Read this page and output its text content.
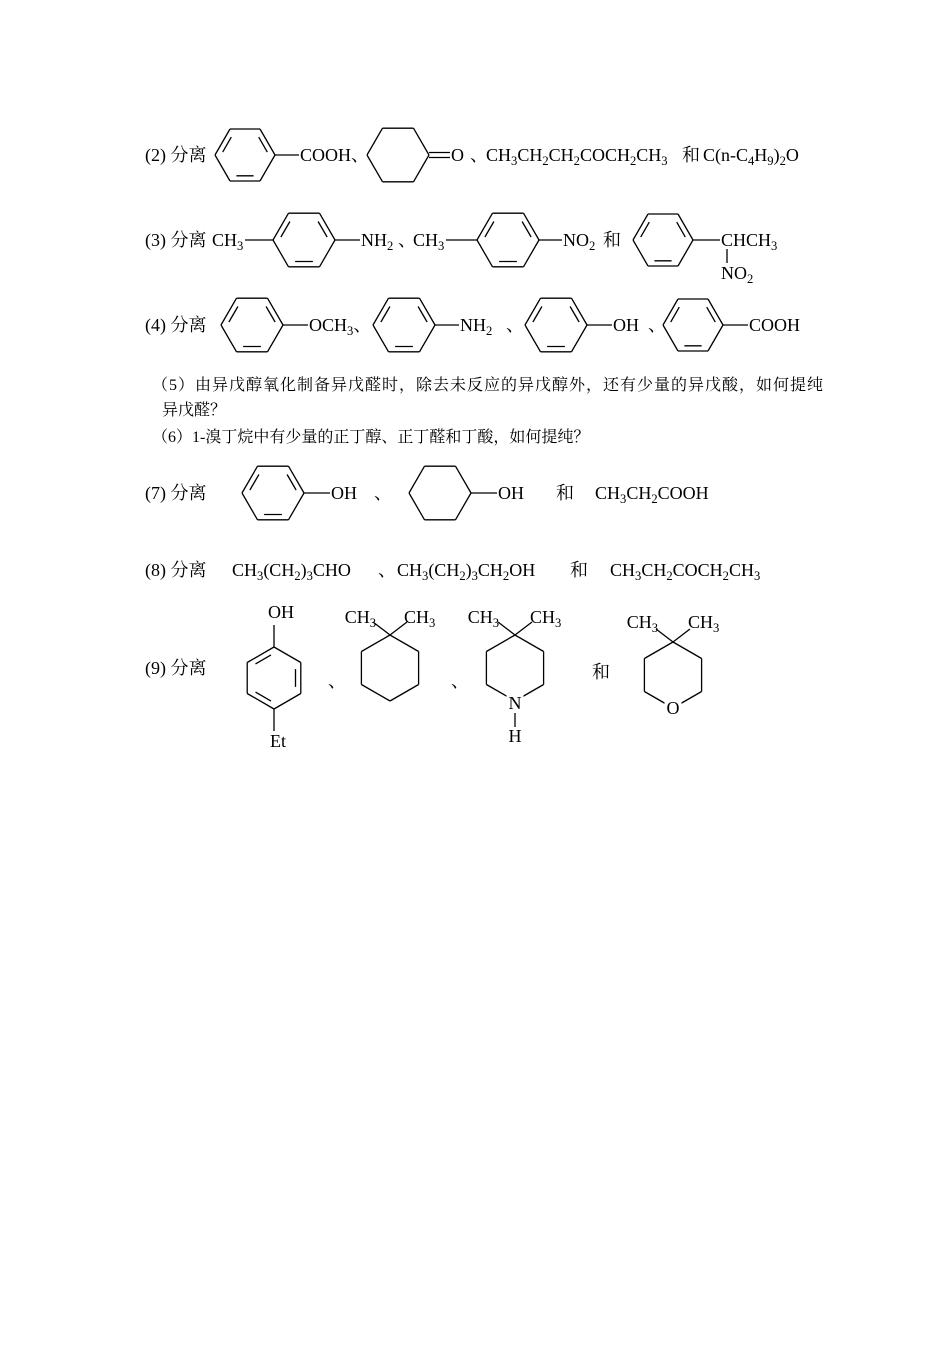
(2) 分离	COOH、	O 、
$CH_3CH_2CH_2COCH_2CH_3$ 和 $C(n-C_4H_9)_2O$
(3) 分离 $CH_3$	$NH_2$ 、
$CH_3$	$NO_2$ 和	$CHCH_3$
$NO_2$
(4) 分离	$OCH_3$、	$NH_2$ 、	OH 、	COOH
（5）由异戊醇氧化制备异戊醛时，除去未反应的异戊醇外，还有少量的异戊酸，如何提纯
异戊醛？
（6）1-溴丁烷中有少量的正丁醇、正丁醛和丁酸，如何提纯？
(7) 分离	OH 、	OH 和 $CH_3CH_2COOH$
(8) 分离 $CH_3(CH_2)_3CHO$ 、 $CH_3(CH_2)_3CH_2OH$ 和 $CH_3CH_2COCH_2CH_3$
(9) 分离
OH
Et
、
$CH_3$ $CH_3$
、
$CH_3$ $CH_3$
N
H
和
$CH_3$ $CH_3$
O
